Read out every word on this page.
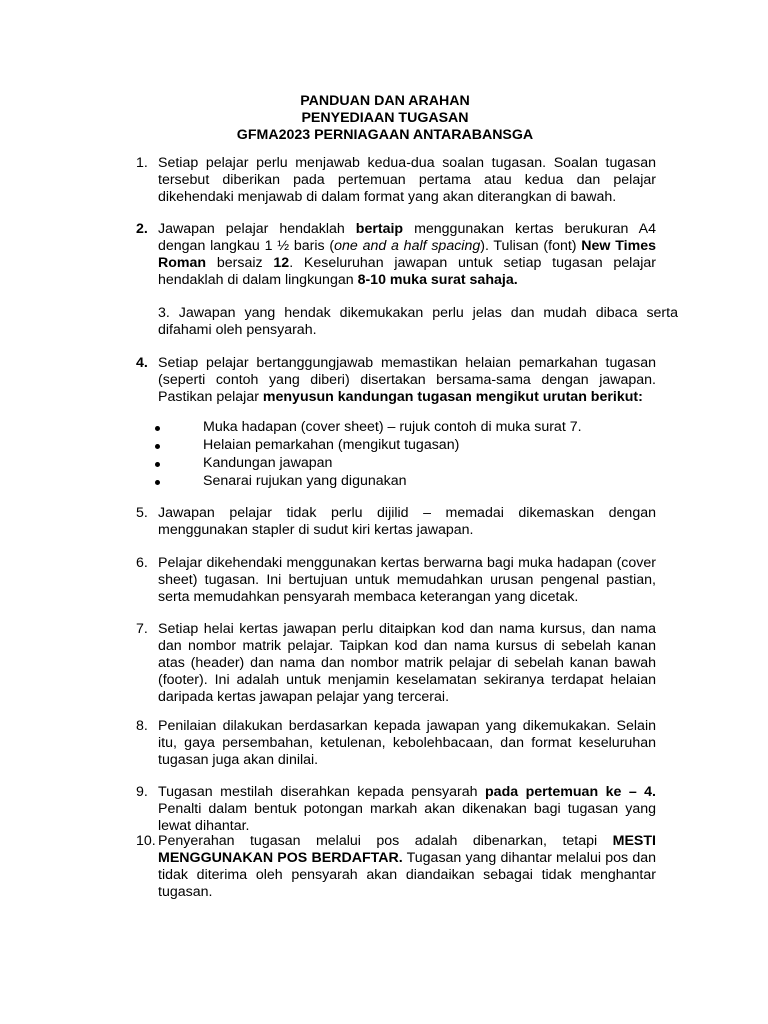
PANDUAN DAN ARAHAN
PENYEDIAAN TUGASAN
GFMA2023 PERNIAGAAN ANTARABANSGA
1. Setiap pelajar perlu menjawab kedua-dua soalan tugasan. Soalan tugasan tersebut diberikan pada pertemuan pertama atau kedua dan pelajar dikehendaki menjawab di dalam format yang akan diterangkan di bawah.
2. Jawapan pelajar hendaklah bertaip menggunakan kertas berukuran A4 dengan langkau 1 ½ baris (one and a half spacing). Tulisan (font) New Times Roman bersaiz 12. Keseluruhan jawapan untuk setiap tugasan pelajar hendaklah di dalam lingkungan 8-10 muka surat sahaja.
3. Jawapan yang hendak dikemukakan perlu jelas dan mudah dibaca serta difahami oleh pensyarah.
4. Setiap pelajar bertanggungjawab memastikan helaian pemarkahan tugasan (seperti contoh yang diberi) disertakan bersama-sama dengan jawapan. Pastikan pelajar menyusun kandungan tugasan mengikut urutan berikut:
Muka hadapan (cover sheet) – rujuk contoh di muka surat 7.
Helaian pemarkahan (mengikut tugasan)
Kandungan jawapan
Senarai rujukan yang digunakan
5. Jawapan pelajar tidak perlu dijilid – memadai dikemaskan dengan menggunakan stapler di sudut kiri kertas jawapan.
6. Pelajar dikehendaki menggunakan kertas berwarna bagi muka hadapan (cover sheet) tugasan. Ini bertujuan untuk memudahkan urusan pengenal pastian, serta memudahkan pensyarah membaca keterangan yang dicetak.
7. Setiap helai kertas jawapan perlu ditaipkan kod dan nama kursus, dan nama dan nombor matrik pelajar. Taipkan kod dan nama kursus di sebelah kanan atas (header) dan nama dan nombor matrik pelajar di sebelah kanan bawah (footer). Ini adalah untuk menjamin keselamatan sekiranya terdapat helaian daripada kertas jawapan pelajar yang tercerai.
8. Penilaian dilakukan berdasarkan kepada jawapan yang dikemukakan. Selain itu, gaya persembahan, ketulenan, kebolehbacaan, dan format keseluruhan tugasan juga akan dinilai.
9. Tugasan mestilah diserahkan kepada pensyarah pada pertemuan ke – 4. Penalti dalam bentuk potongan markah akan dikenakan bagi tugasan yang lewat dihantar.
10. Penyerahan tugasan melalui pos adalah dibenarkan, tetapi MESTI MENGGUNAKAN POS BERDAFTAR. Tugasan yang dihantar melalui pos dan tidak diterima oleh pensyarah akan diandaikan sebagai tidak menghantar tugasan.
